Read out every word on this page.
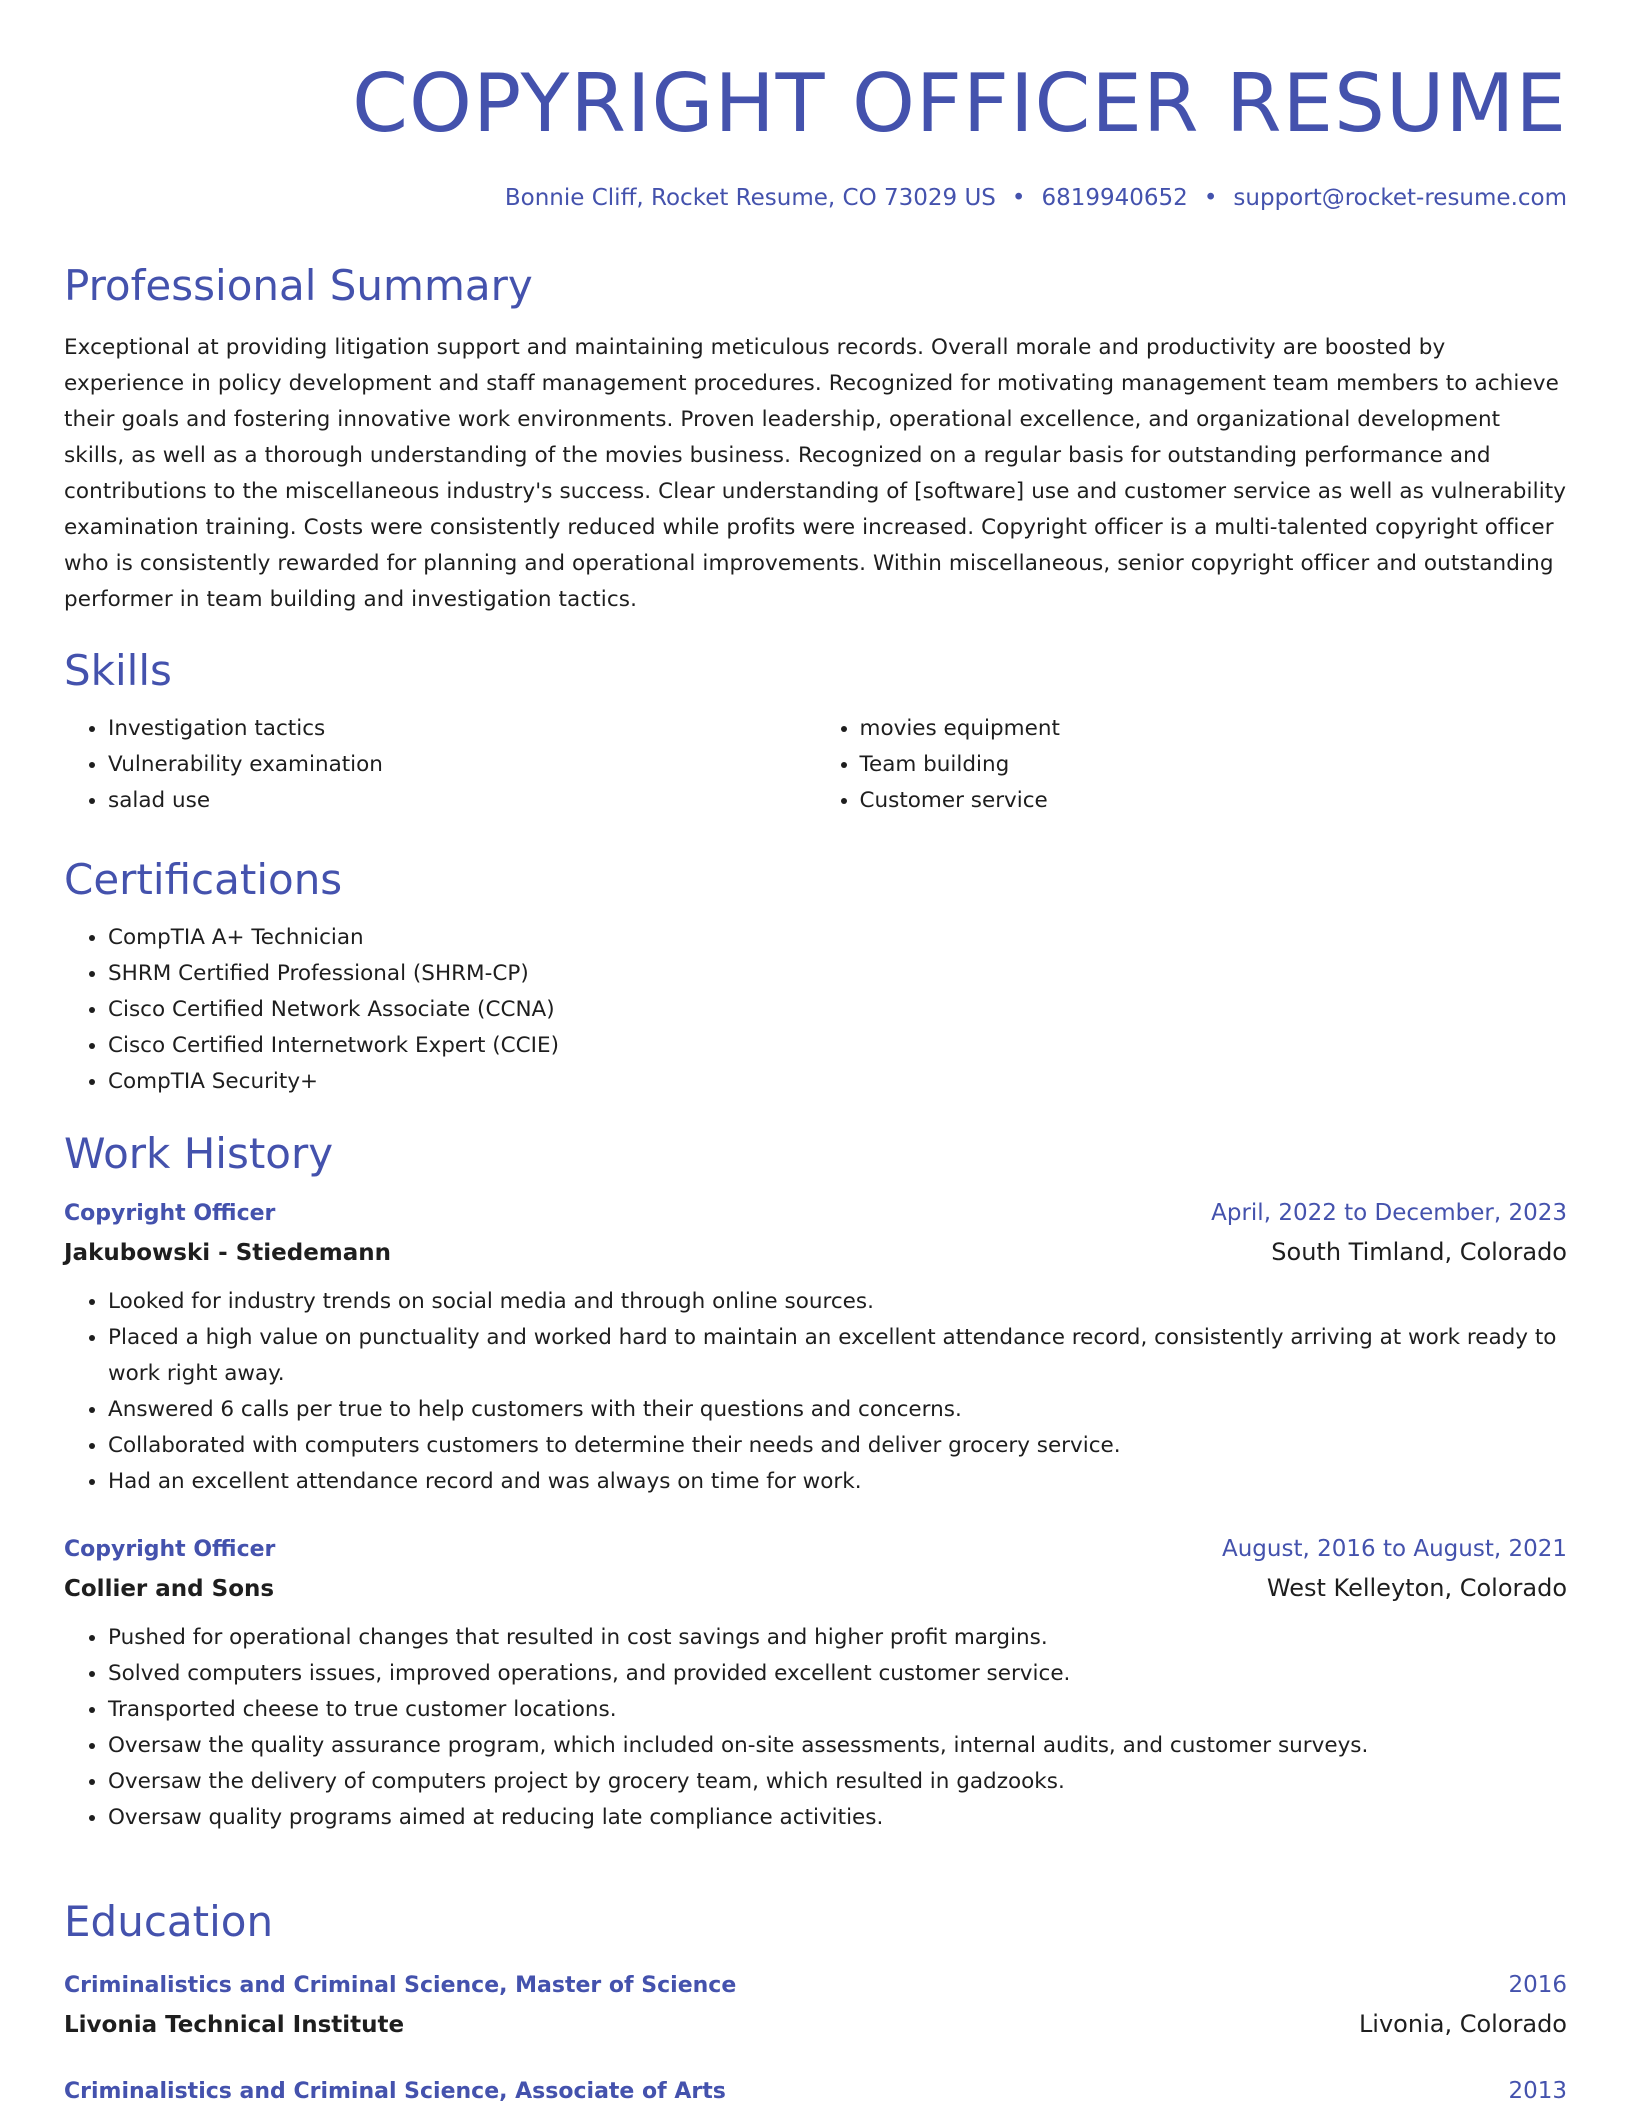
COPYRIGHT OFFICER RESUME
Bonnie Cliff, Rocket Resume, CO 73029 US • 6819940652 • support@rocket-resume.com
Professional Summary

Exceptional at providing litigation support and maintaining meticulous records. Overall morale and productivity are boosted by experience in policy development and staff management procedures. Recognized for motivating management team members to achieve their goals and fostering innovative work environments. Proven leadership, operational excellence, and organizational development skills, as well as a thorough understanding of the movies business. Recognized on a regular basis for outstanding performance and contributions to the miscellaneous industry's success. Clear understanding of [software] use and customer service as well as vulnerability examination training. Costs were consistently reduced while profits were increased. Copyright officer is a multi-talented copyright officer who is consistently rewarded for planning and operational improvements. Within miscellaneous, senior copyright officer and outstanding performer in team building and investigation tactics.

Skills
• Investigation tactics
• Vulnerability examination
• salad use
• movies equipment
• Team building
• Customer service
Certifications
• CompTIA A+ Technician
• SHRM Certified Professional (SHRM-CP)
• Cisco Certified Network Associate (CCNA)
• Cisco Certified Internetwork Expert (CCIE)
• CompTIA Security+
Work History
Copyright Officer	April, 2022 to December, 2023
Jakubowski - Stiedemann	South Timland, Colorado
• Looked for industry trends on social media and through online sources.
• Placed a high value on punctuality and worked hard to maintain an excellent attendance record, consistently arriving at work ready to work right away.
• Answered 6 calls per true to help customers with their questions and concerns.
• Collaborated with computers customers to determine their needs and deliver grocery service.
• Had an excellent attendance record and was always on time for work.
Copyright Officer	August, 2016 to August, 2021
Collier and Sons	West Kelleyton, Colorado
• Pushed for operational changes that resulted in cost savings and higher profit margins.
• Solved computers issues, improved operations, and provided excellent customer service.
• Transported cheese to true customer locations.
• Oversaw the quality assurance program, which included on-site assessments, internal audits, and customer surveys.
• Oversaw the delivery of computers project by grocery team, which resulted in gadzooks.
• Oversaw quality programs aimed at reducing late compliance activities.
Education
Criminalistics and Criminal Science, Master of Science	2016
Livonia Technical Institute	Livonia, Colorado
Criminalistics and Criminal Science, Associate of Arts	2013
